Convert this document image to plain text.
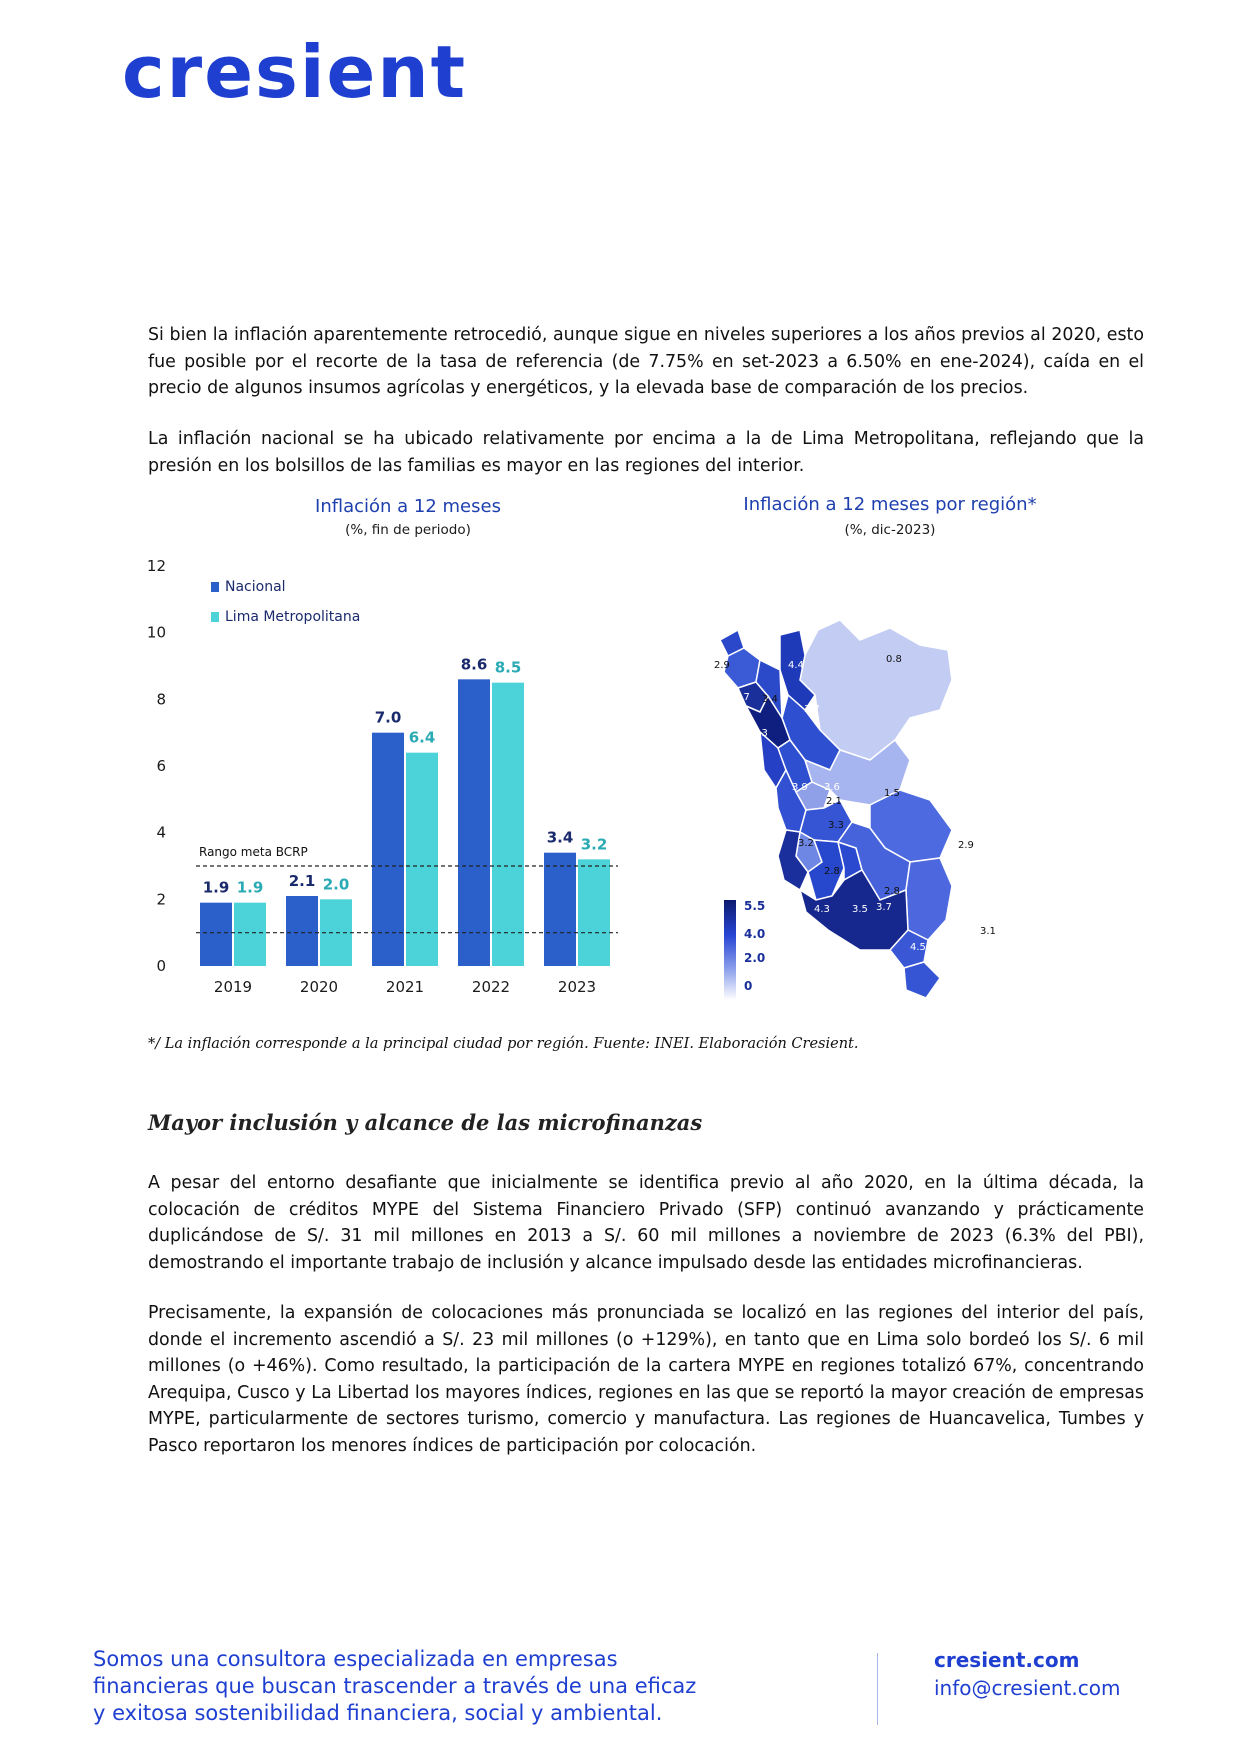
cresient

Si bien la inflación aparentemente retrocedió, aunque sigue en niveles superiores a los años previos al 2020, esto fue posible por el recorte de la tasa de referencia (de 7.75% en set-2023 a 6.50% en ene-2024), caída en el precio de algunos insumos agrícolas y energéticos, y la elevada base de comparación de los precios.

La inflación nacional se ha ubicado relativamente por encima a la de Lima Metropolitana, reflejando que la presión en los bolsillos de las familias es mayor en las regiones del interior.

Inflación a 12 meses
(%, fin de periodo)
0
2
4
6
8
10
12
1.9 1.9 2.1 2.0
7.0
6.4
8.6 8.5
3.4 3.2
2019	2020	2021	2022	2023
Nacional
Lima Metropolitana
Rango meta BCRP
Inflación a 12 meses por región*
(%, dic-2023)
3.9
2.9	4.4
4.7 3.4
3.7
5.3
0.8
3.9 3.6
2.1
1.5
3.3
3.2	2.9
2.8
4.3 3.5 3.7
2.8
4.5
3.1
3.6
3.7
5.5
4.0
2.0
0
*/ La inflación corresponde a la principal ciudad por región. Fuente: INEI. Elaboración Cresient.
Mayor inclusión y alcance de las microfinanzas

A pesar del entorno desafiante que inicialmente se identifica previo al año 2020, en la última década, la colocación de créditos MYPE del Sistema Financiero Privado (SFP) continuó avanzando y prácticamente duplicándose de S/. 31 mil millones en 2013 a S/. 60 mil millones a noviembre de 2023 (6.3% del PBI), demostrando el importante trabajo de inclusión y alcance impulsado desde las entidades microfinancieras.

Precisamente, la expansión de colocaciones más pronunciada se localizó en las regiones del interior del país, donde el incremento ascendió a S/. 23 mil millones (o +129%), en tanto que en Lima solo bordeó los S/. 6 mil millones (o +46%). Como resultado, la participación de la cartera MYPE en regiones totalizó 67%, concentrando Arequipa, Cusco y La Libertad los mayores índices, regiones en las que se reportó la mayor creación de empresas MYPE, particularmente de sectores turismo, comercio y manufactura. Las regiones de Huancavelica, Tumbes y Pasco reportaron los menores índices de participación por colocación.

Somos una consultora especializada en empresas
financieras que buscan trascender a través de una eficaz
y exitosa sostenibilidad financiera, social y ambiental.
cresient.com
info@cresient.com
